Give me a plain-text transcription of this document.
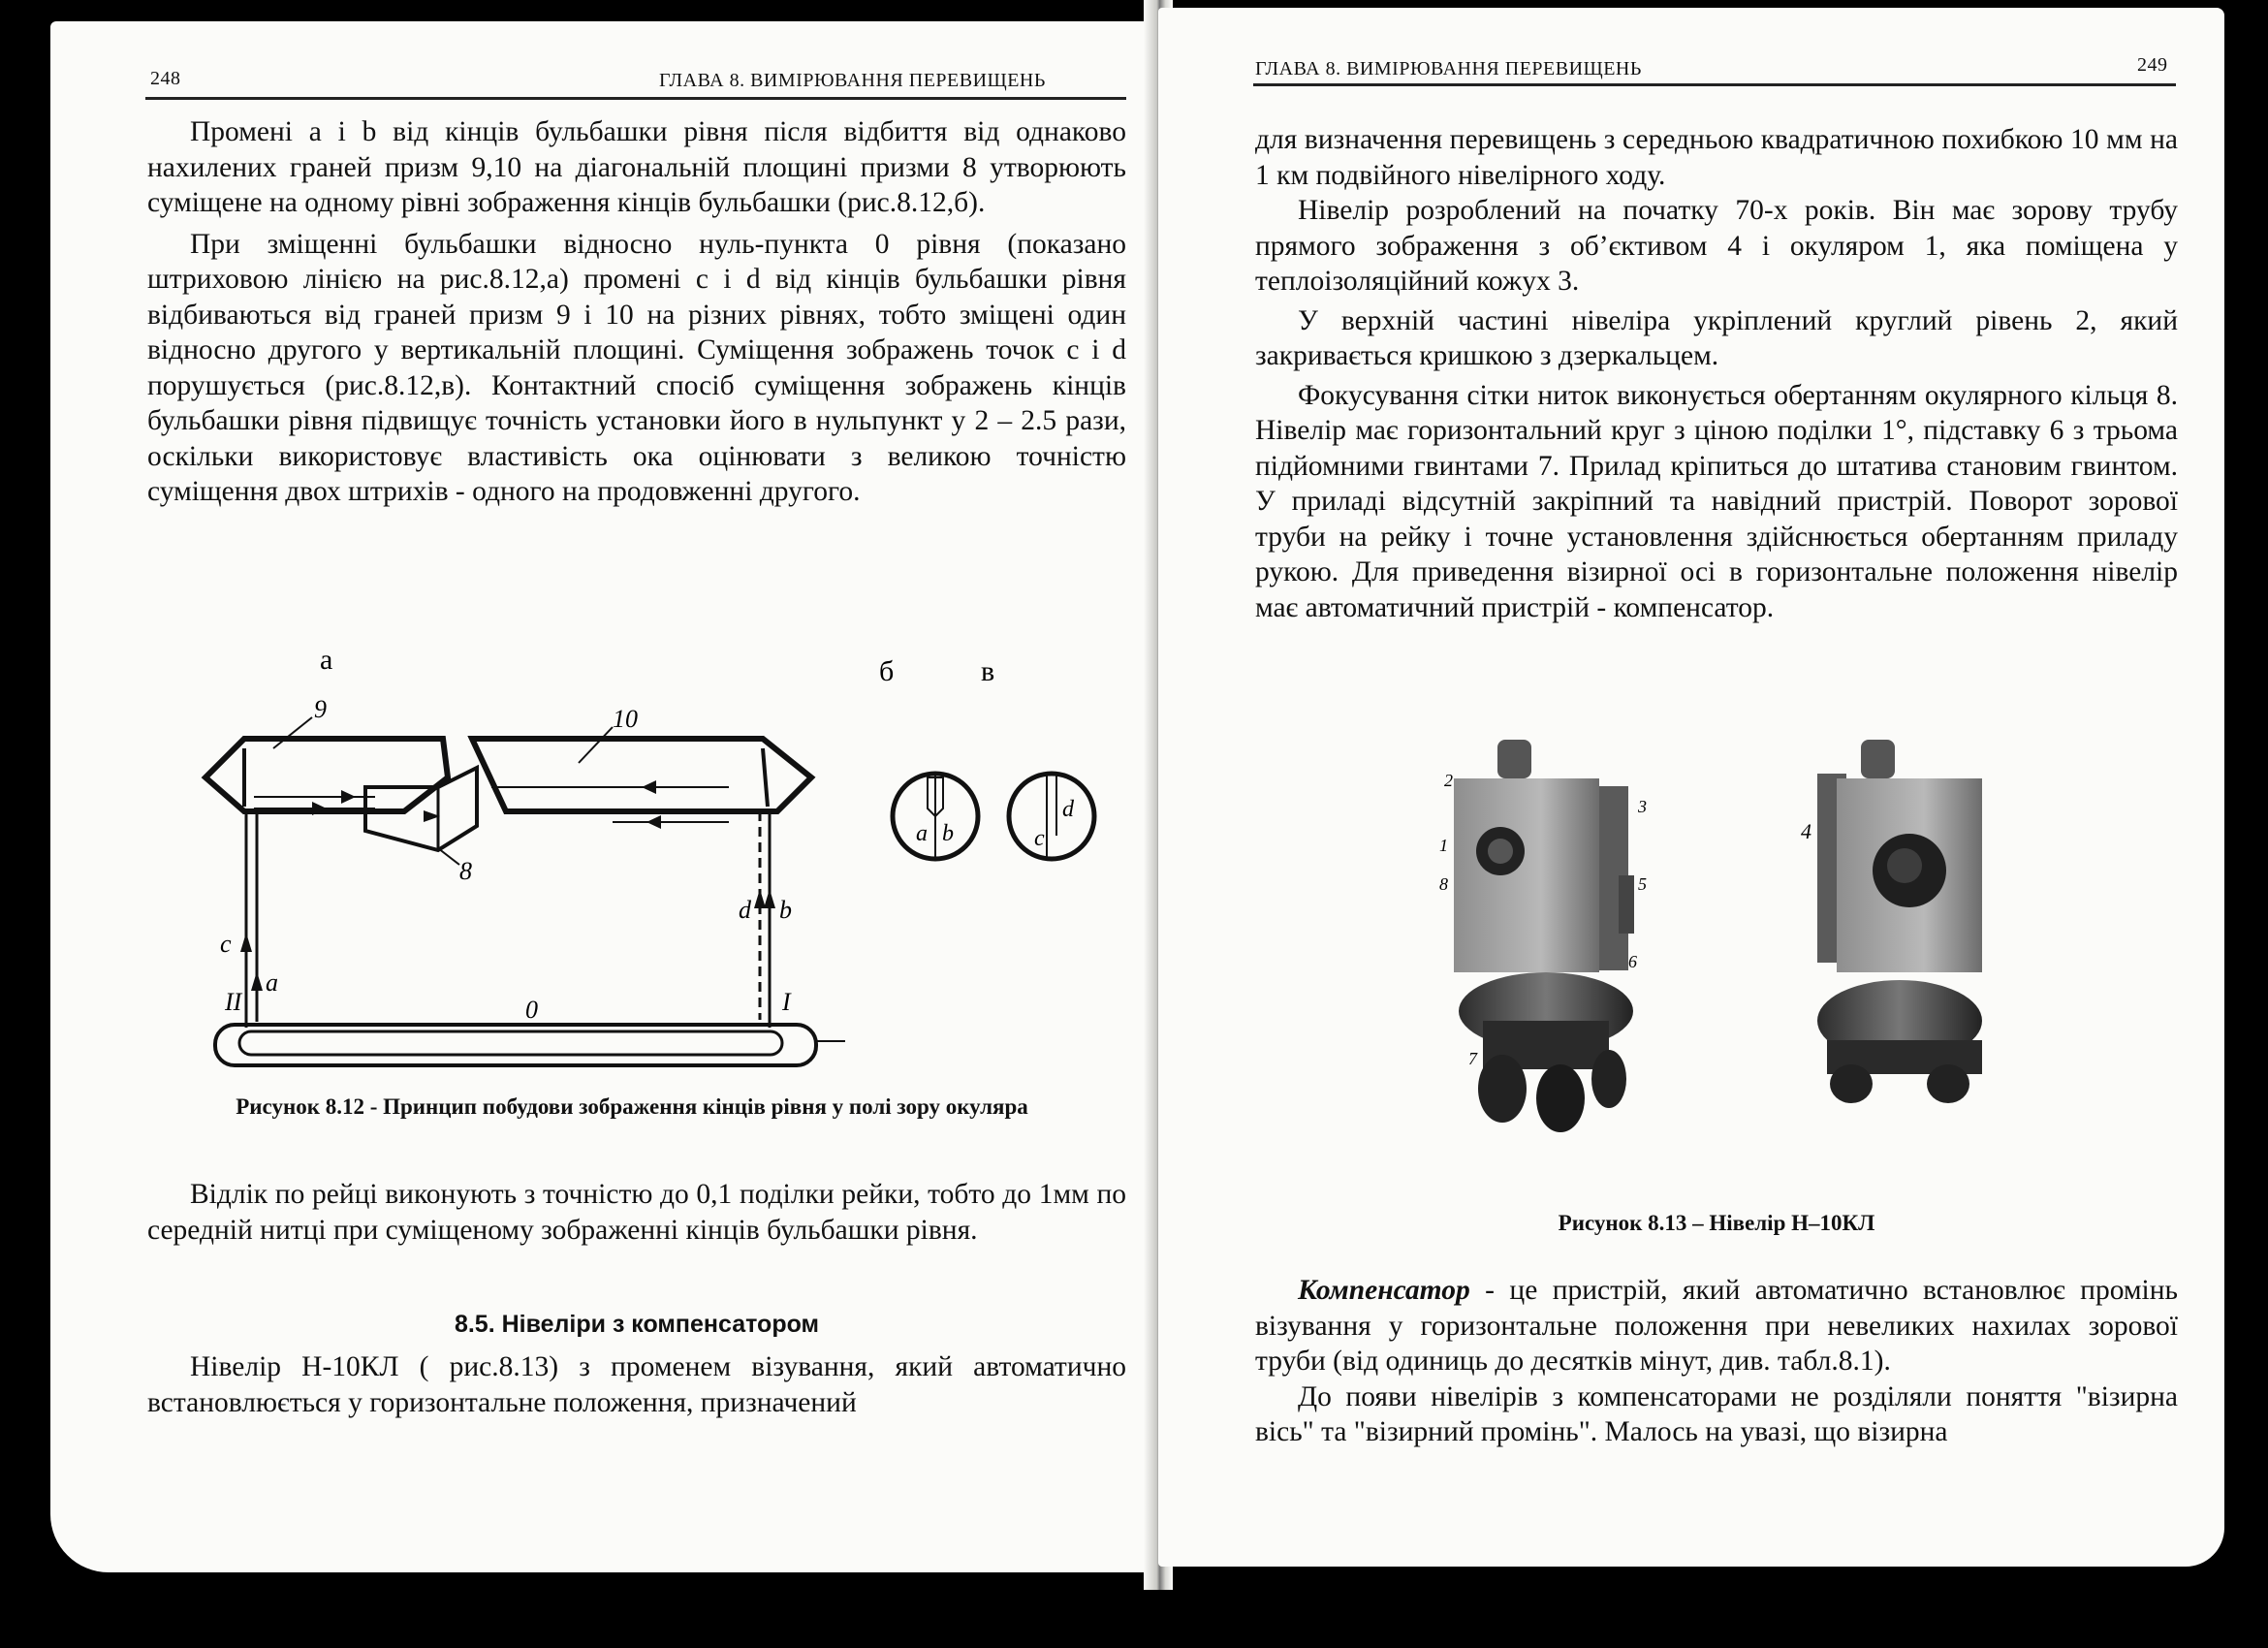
248	ГЛАВА 8. ВИМІРЮВАННЯ ПЕРЕВИЩЕНЬ

Промені a і b від кінців бульбашки рівня після відбиття від однаково нахилених граней призм 9,10 на діагональній площині призми 8 утворюють суміщене на одному рівні зображення кінців бульбашки (рис.8.12,б).

При зміщенні бульбашки відносно нуль-пункта 0 рівня (показано штриховою лінією на рис.8.12,а) промені c і d від кінців бульбашки рівня відбиваються від граней призм 9 і 10 на різних рівнях, тобто зміщені один відносно другого у вертикальній площині. Суміщення зображень точок c і d порушується (рис.8.12,в). Контактний спосіб суміщення зображень кінців бульбашки рівня підвищує точність установки його в нульпункт у 2 – 2.5 рази, оскільки використовує властивість ока оцінювати з великою точністю суміщення двох штрихів - одного на продовженні другого.

а	б	в
9	10
8
c
a
d b
II	I
0
a b	c
d
Рисунок 8.12 - Принцип побудови зображення кінців рівня у полі зору окуляра

Відлік по рейці виконують з точністю до 0,1 поділки рейки, тобто до 1мм по середній нитці при суміщеному зображенні кінців бульбашки рівня.

8.5. Нівеліри з компенсатором

Нівелір Н-10КЛ ( рис.8.13) з променем візування, який автоматично встановлюється у горизонтальне положення, призначений

ГЛАВА 8. ВИМІРЮВАННЯ ПЕРЕВИЩЕНЬ	249

для визначення перевищень з середньою квадратичною похибкою 10 мм на 1 км подвійного нівелірного ходу.

Нівелір розроблений на початку 70-х років. Він має зорову трубу прямого зображення з об’єктивом 4 і окуляром 1, яка поміщена у теплоізоляційний кожух 3.

У верхній частині нівеліра укріплений круглий рівень 2, який закривається кришкою з дзеркальцем.

Фокусування сітки ниток виконується обертанням окулярного кільця 8. Нівелір має горизонтальний круг з ціною поділки 1°, підставку 6 з трьома підйомними гвинтами 7. Прилад кріпиться до штатива становим гвинтом. У приладі відсутній закріпний та навідний пристрій. Поворот зорової труби на рейку і точне установлення здійснюється обертанням приладу рукою. Для приведення візирної осі в горизонтальне положення нівелір має автоматичний пристрій - компенсатор.

2
3
1
8	5
6
7
4
Рисунок 8.13 – Нівелір Н–10КЛ

Компенсатор - це пристрій, який автоматично встановлює промінь візування у горизонтальне положення при невеликих нахилах зорової труби (від одиниць до десятків мінут, див. табл.8.1).

До появи нівелірів з компенсаторами не розділяли поняття "візирна вісь" та "візирний промінь". Малось на увазі, що візирна
